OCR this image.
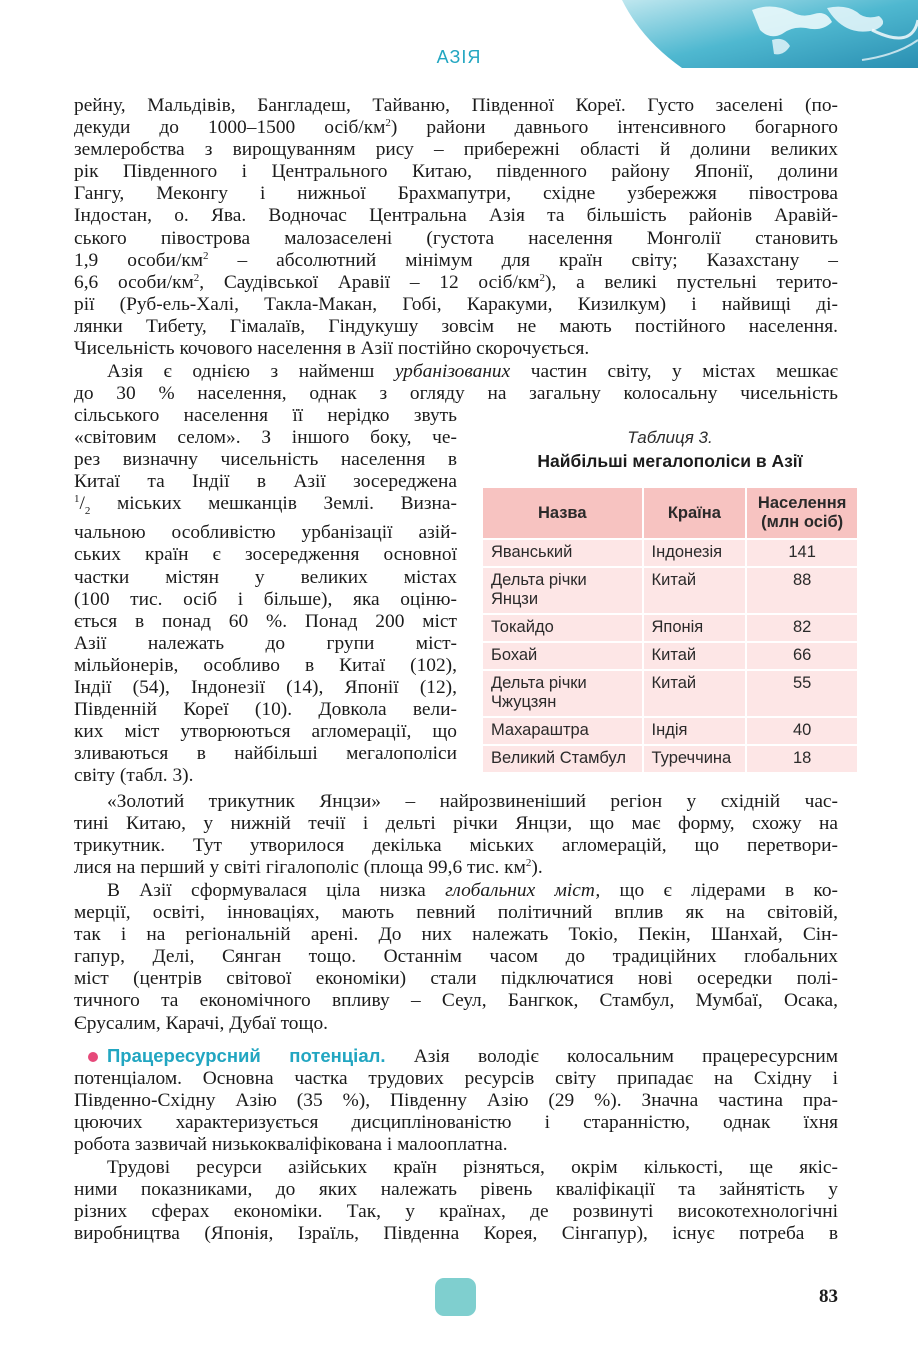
АЗІЯ
рейну, Мальдівів, Бангладеш, Тайваню, Південної Кореї. Густо заселені (по-
декуди до 1000–1500 осіб/$км^2$) райони давнього інтенсивного богарного
землеробства з вирощуванням рису – прибережні області й долини великих
рік Південного і Центрального Китаю, південного району Японії, долини
Гангу, Меконгу і нижньої Брахмапутри, східне узбережжя півострова
Індостан, о. Ява. Водночас Центральна Азія та більшість районів Аравій-
ського півострова малозаселені (густота населення Монголії становить
1,9 особи/$км^2$ – абсолютний мінімум для країн світу; Казахстану –
6,6 особи/$км^2$, Саудівської Аравії – 12 осіб/$км^2$), а великі пустельні терито-
рії (Руб-ель-Халі, Такла-Макан, Гобі, Каракуми, Кизилкум) і найвищі ді-
лянки Тибету, Гімалаїв, Гіндукушу зовсім не мають постійного населення.
Чисельність кочового населення в Азії постійно скорочується.
Азія є однією з найменш урбанізованих частин світу, у містах мешкає
до 30 % населення, однак з огляду на загальну колосальну чисельність
сільського населення її нерідко звуть
«світовим селом». З іншого боку, че-
рез визначну чисельність населення в
Китаї та Індії в Азії зосереджена
$^1/_2$ міських мешканців Землі. Визна-
чальною особливістю урбанізації азій-
ських країн є зосередження основної
частки містян у великих містах
(100 тис. осіб і більше), яка оціню-
ється в понад 60 %. Понад 200 міст
Азії належать до групи міст-
мільйонерів, особливо в Китаї (102),
Індії (54), Індонезії (14), Японії (12),
Південній Кореї (10). Довкола вели-
ких міст утворюються агломерації, що
зливаються в найбільші мегалополіси
світу (табл. 3).
Таблиця 3.
Найбільші мегалополіси в Азії
Назва	Країна	Населення
(млн осіб)
Яванський	Індонезія	141
Дельта річки
Янцзи	Китай	88
Токайдо	Японія	82
Бохай	Китай	66
Дельта річки
Чжуцзян	Китай	55
Махараштра	Індія	40
Великий Стамбул	Туреччина	18
«Золотий трикутник Янцзи» – найрозвиненіший регіон у східній час-
тині Китаю, у нижній течії і дельті річки Янцзи, що має форму, схожу на
трикутник. Тут утворилося декілька міських агломерацій, що перетвори-
лися на перший у світі гігалополіс (площа 99,6 тис. $км^2$).
В Азії сформувалася ціла низка глобальних міст, що є лідерами в ко-
мерції, освіті, інноваціях, мають певний політичний вплив як на світовій,
так і на регіональній арені. До них належать Токіо, Пекін, Шанхай, Сін-
гапур, Делі, Сянган тощо. Останнім часом до традиційних глобальних
міст (центрів світової економіки) стали підключатися нові осередки полі-
тичного та економічного впливу – Сеул, Бангкок, Стамбул, Мумбаї, Осака,
Єрусалим, Карачі, Дубаї тощо.
Працересурсний потенціал. Азія володіє колосальним працересурсним
потенціалом. Основна частка трудових ресурсів світу припадає на Східну і
Південно-Східну Азію (35 %), Південну Азію (29 %). Значна частина пра-
цюючих характеризується дисциплінованістю і старанністю, однак їхня
робота зазвичай низькокваліфікована і малооплатна.
Трудові ресурси азійських країн різняться, окрім кількості, ще якіс-
ними показниками, до яких належать рівень кваліфікації та зайнятість у
різних сферах економіки. Так, у країнах, де розвинуті високотехнологічні
виробництва (Японія, Ізраїль, Південна Корея, Сінгапур), існує потреба в
83
